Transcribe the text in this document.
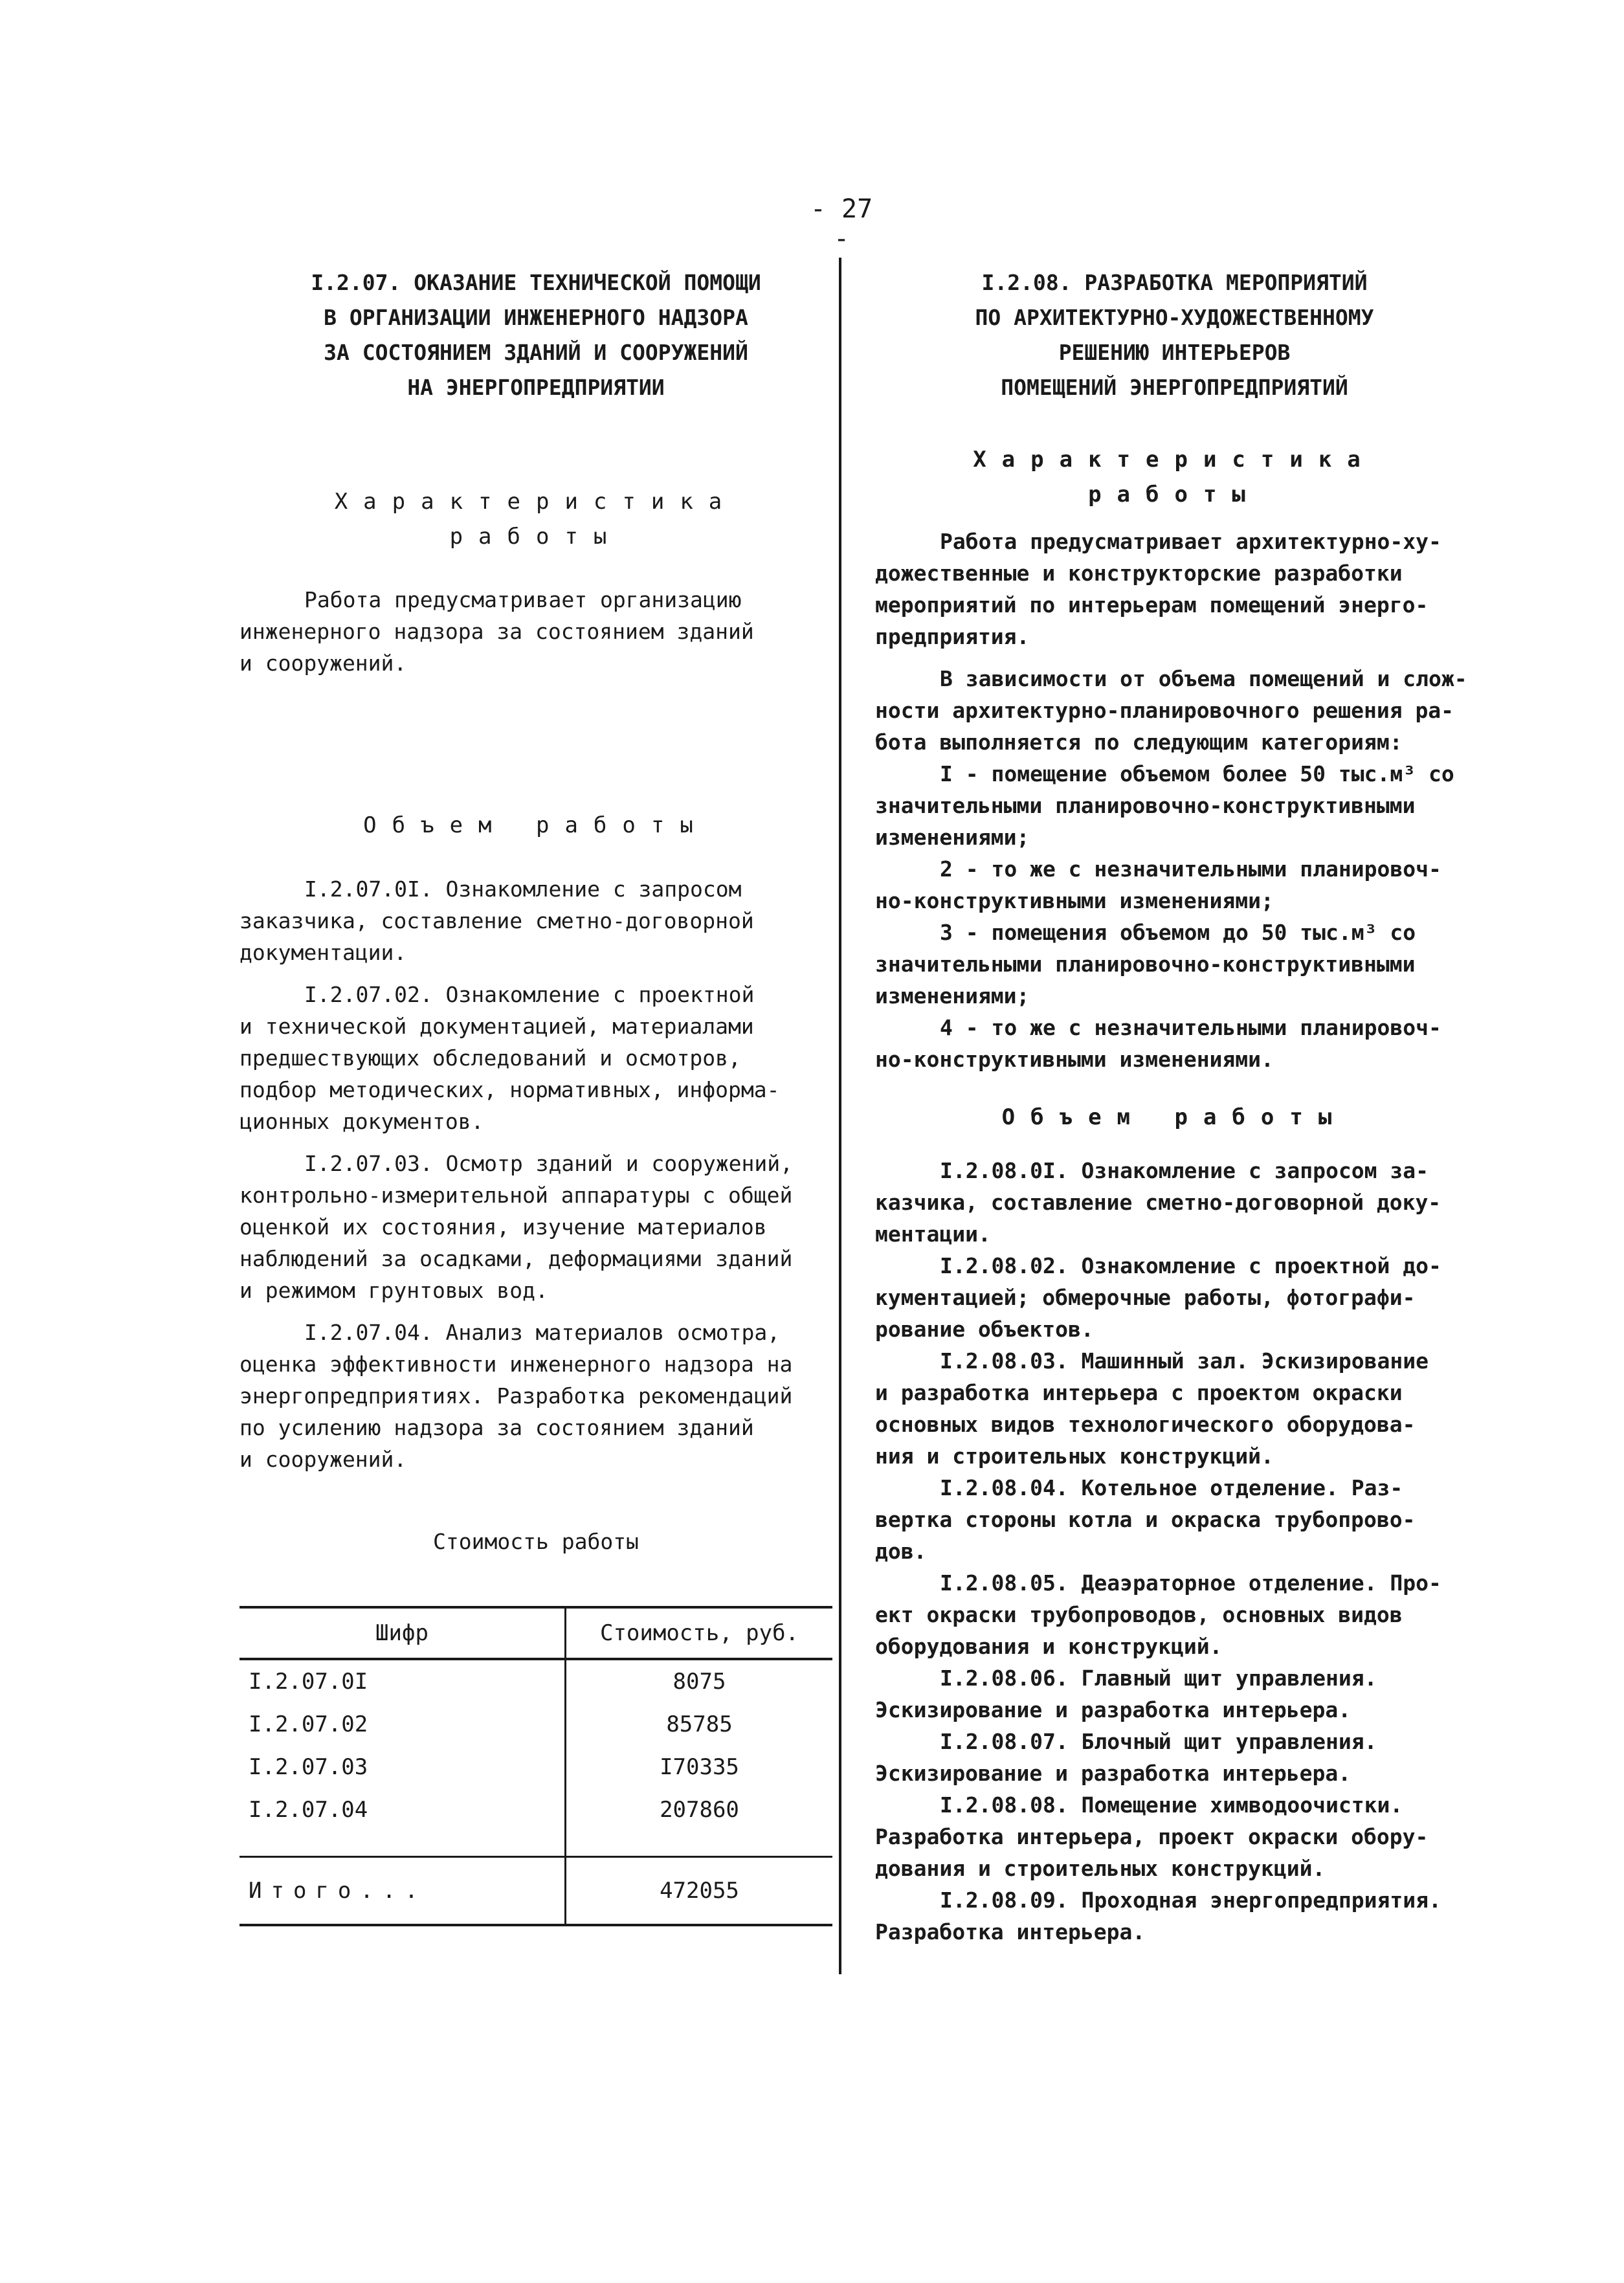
- 27 -
I.2.07. ОКАЗАНИЕ ТЕХНИЧЕСКОЙ ПОМОЩИ
В ОРГАНИЗАЦИИ ИНЖЕНЕРНОГО НАДЗОРА
ЗА СОСТОЯНИЕМ ЗДАНИЙ И СООРУЖЕНИЙ
НА ЭНЕРГОПРЕДПРИЯТИИ
Характеристика
работы

Работа предусматривает организацию
инженерного надзора за состоянием зданий
и сооружений.

Объем работы

I.2.07.0I. Ознакомление с запросом
заказчика, составление сметно-договорной
документации.

I.2.07.02. Ознакомление с проектной
и технической документацией, материалами
предшествующих обследований и осмотров,
подбор методических, нормативных, информа-
ционных документов.

I.2.07.03. Осмотр зданий и сооружений,
контрольно-измерительной аппаратуры с общей
оценкой их состояния, изучение материалов
наблюдений за осадками, деформациями зданий
и режимом грунтовых вод.

I.2.07.04. Анализ материалов осмотра,
оценка эффективности инженерного надзора на
энергопредприятиях. Разработка рекомендаций
по усилению надзора за состоянием зданий
и сооружений.

Стоимость работы
Шифр	Стоимость, руб.
I.2.07.0I	8075
I.2.07.02	85785
I.2.07.03	I70335
I.2.07.04	207860

Итого...	472055
I.2.08. РАЗРАБОТКА МЕРОПРИЯТИЙ
ПО АРХИТЕКТУРНО-ХУДОЖЕСТВЕННОМУ
РЕШЕНИЮ ИНТЕРЬЕРОВ
ПОМЕЩЕНИЙ ЭНЕРГОПРЕДПРИЯТИЙ
Характеристика
работы

Работа предусматривает архитектурно-ху-
дожественные и конструкторские разработки
мероприятий по интерьерам помещений энерго-
предприятия.

В зависимости от объема помещений и слож-
ности архитектурно-планировочного решения ра-
бота выполняется по следующим категориям:

I - помещение объемом более 50 тыс.м³ со
значительными планировочно-конструктивными
изменениями;

2 - то же с незначительными планировоч-
но-конструктивными изменениями;

3 - помещения объемом до 50 тыс.м³ со
значительными планировочно-конструктивными
изменениями;

4 - то же с незначительными планировоч-
но-конструктивными изменениями.

Объем работы

I.2.08.0I. Ознакомление с запросом за-
казчика, составление сметно-договорной доку-
ментации.

I.2.08.02. Ознакомление с проектной до-
кументацией; обмерочные работы, фотографи-
рование объектов.

I.2.08.03. Машинный зал. Эскизирование
и разработка интерьера с проектом окраски
основных видов технологического оборудова-
ния и строительных конструкций.

I.2.08.04. Котельное отделение. Раз-
вертка стороны котла и окраска трубопрово-
дов.

I.2.08.05. Деаэраторное отделение. Про-
ект окраски трубопроводов, основных видов
оборудования и конструкций.

I.2.08.06. Главный щит управления.
Эскизирование и разработка интерьера.

I.2.08.07. Блочный щит управления.
Эскизирование и разработка интерьера.

I.2.08.08. Помещение химводоочистки.
Разработка интерьера, проект окраски обору-
дования и строительных конструкций.

I.2.08.09. Проходная энергопредприятия.
Разработка интерьера.
